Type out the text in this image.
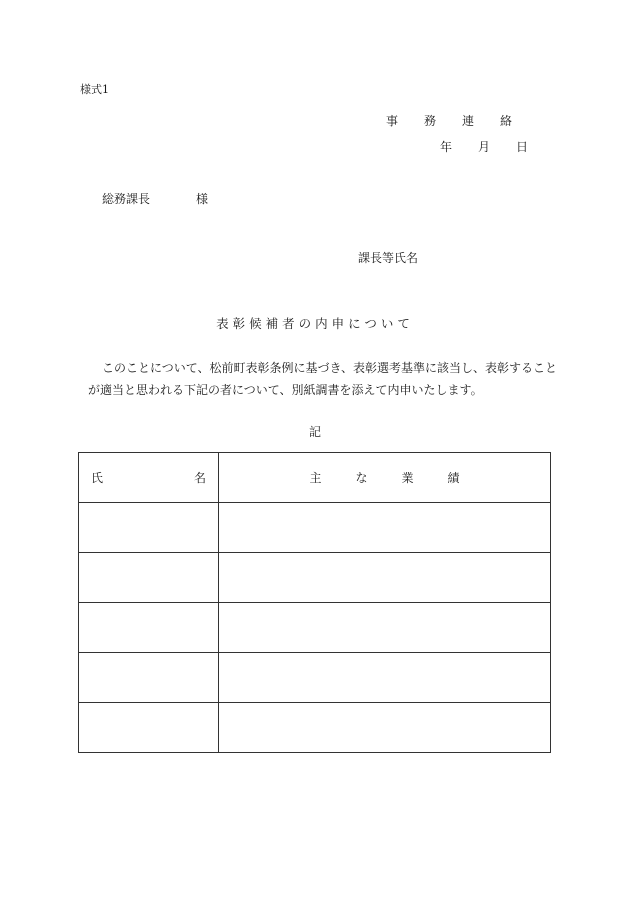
様式1
事 務 連 絡
年 月 日
総務課長	様
課長等氏名
表彰候補者の内申について
このことについて、松前町表彰条例に基づき、表彰選考基準に該当し、表彰すること
が適当と思われる下記の者について、別紙調書を添えて内申いたします。
記
氏 名	主 な 業 績
